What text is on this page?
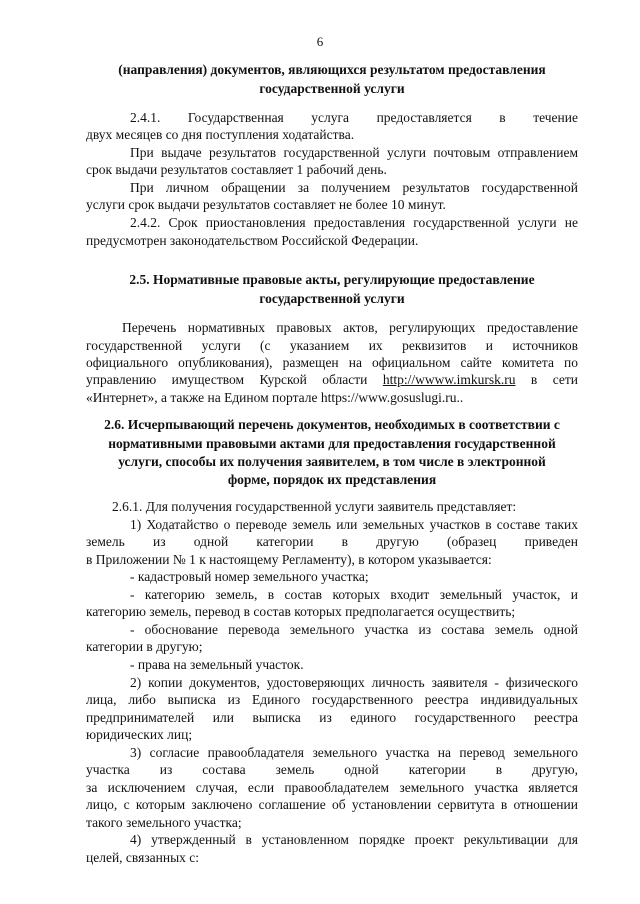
6
(направления) документов, являющихся результатом предоставления
государственной услуги
2.4.1. Государственная услуга предоставляется в течение
двух месяцев со дня поступления ходатайства.
При выдаче результатов государственной услуги почтовым отправлением
срок выдачи результатов составляет 1 рабочий день.
При личном обращении за получением результатов государственной
услуги срок выдачи результатов составляет не более 10 минут.
2.4.2. Срок приостановления предоставления государственной услуги не
предусмотрен законодательством Российской Федерации.
2.5. Нормативные правовые акты, регулирующие предоставление
государственной услуги
Перечень нормативных правовых актов, регулирующих предоставление
государственной услуги (с указанием их реквизитов и источников
официального опубликования), размещен на официальном сайте комитета по
управлению имуществом Курской области http://wwww.imkursk.ru в сети
«Интернет», а также на Едином портале https://www.gosuslugi.ru..
2.6. Исчерпывающий перечень документов, необходимых в соответствии с
нормативными правовыми актами для предоставления государственной
услуги, способы их получения заявителем, в том числе в электронной
форме, порядок их представления
2.6.1. Для получения государственной услуги заявитель представляет:
1) Ходатайство о переводе земель или земельных участков в составе таких
земель из одной категории в другую (образец приведен
в Приложении № 1 к настоящему Регламенту), в котором указывается:
- кадастровый номер земельного участка;
- категорию земель, в состав которых входит земельный участок, и
категорию земель, перевод в состав которых предполагается осуществить;
- обоснование перевода земельного участка из состава земель одной
категории в другую;
- права на земельный участок.
2) копии документов, удостоверяющих личность заявителя - физического
лица, либо выписка из Единого государственного реестра индивидуальных
предпринимателей или выписка из единого государственного реестра
юридических лиц;
3) согласие правообладателя земельного участка на перевод земельного
участка из состава земель одной категории в другую,
за исключением случая, если правообладателем земельного участка является
лицо, с которым заключено соглашение об установлении сервитута в отношении
такого земельного участка;
4) утвержденный в установленном порядке проект рекультивации для
целей, связанных с:
